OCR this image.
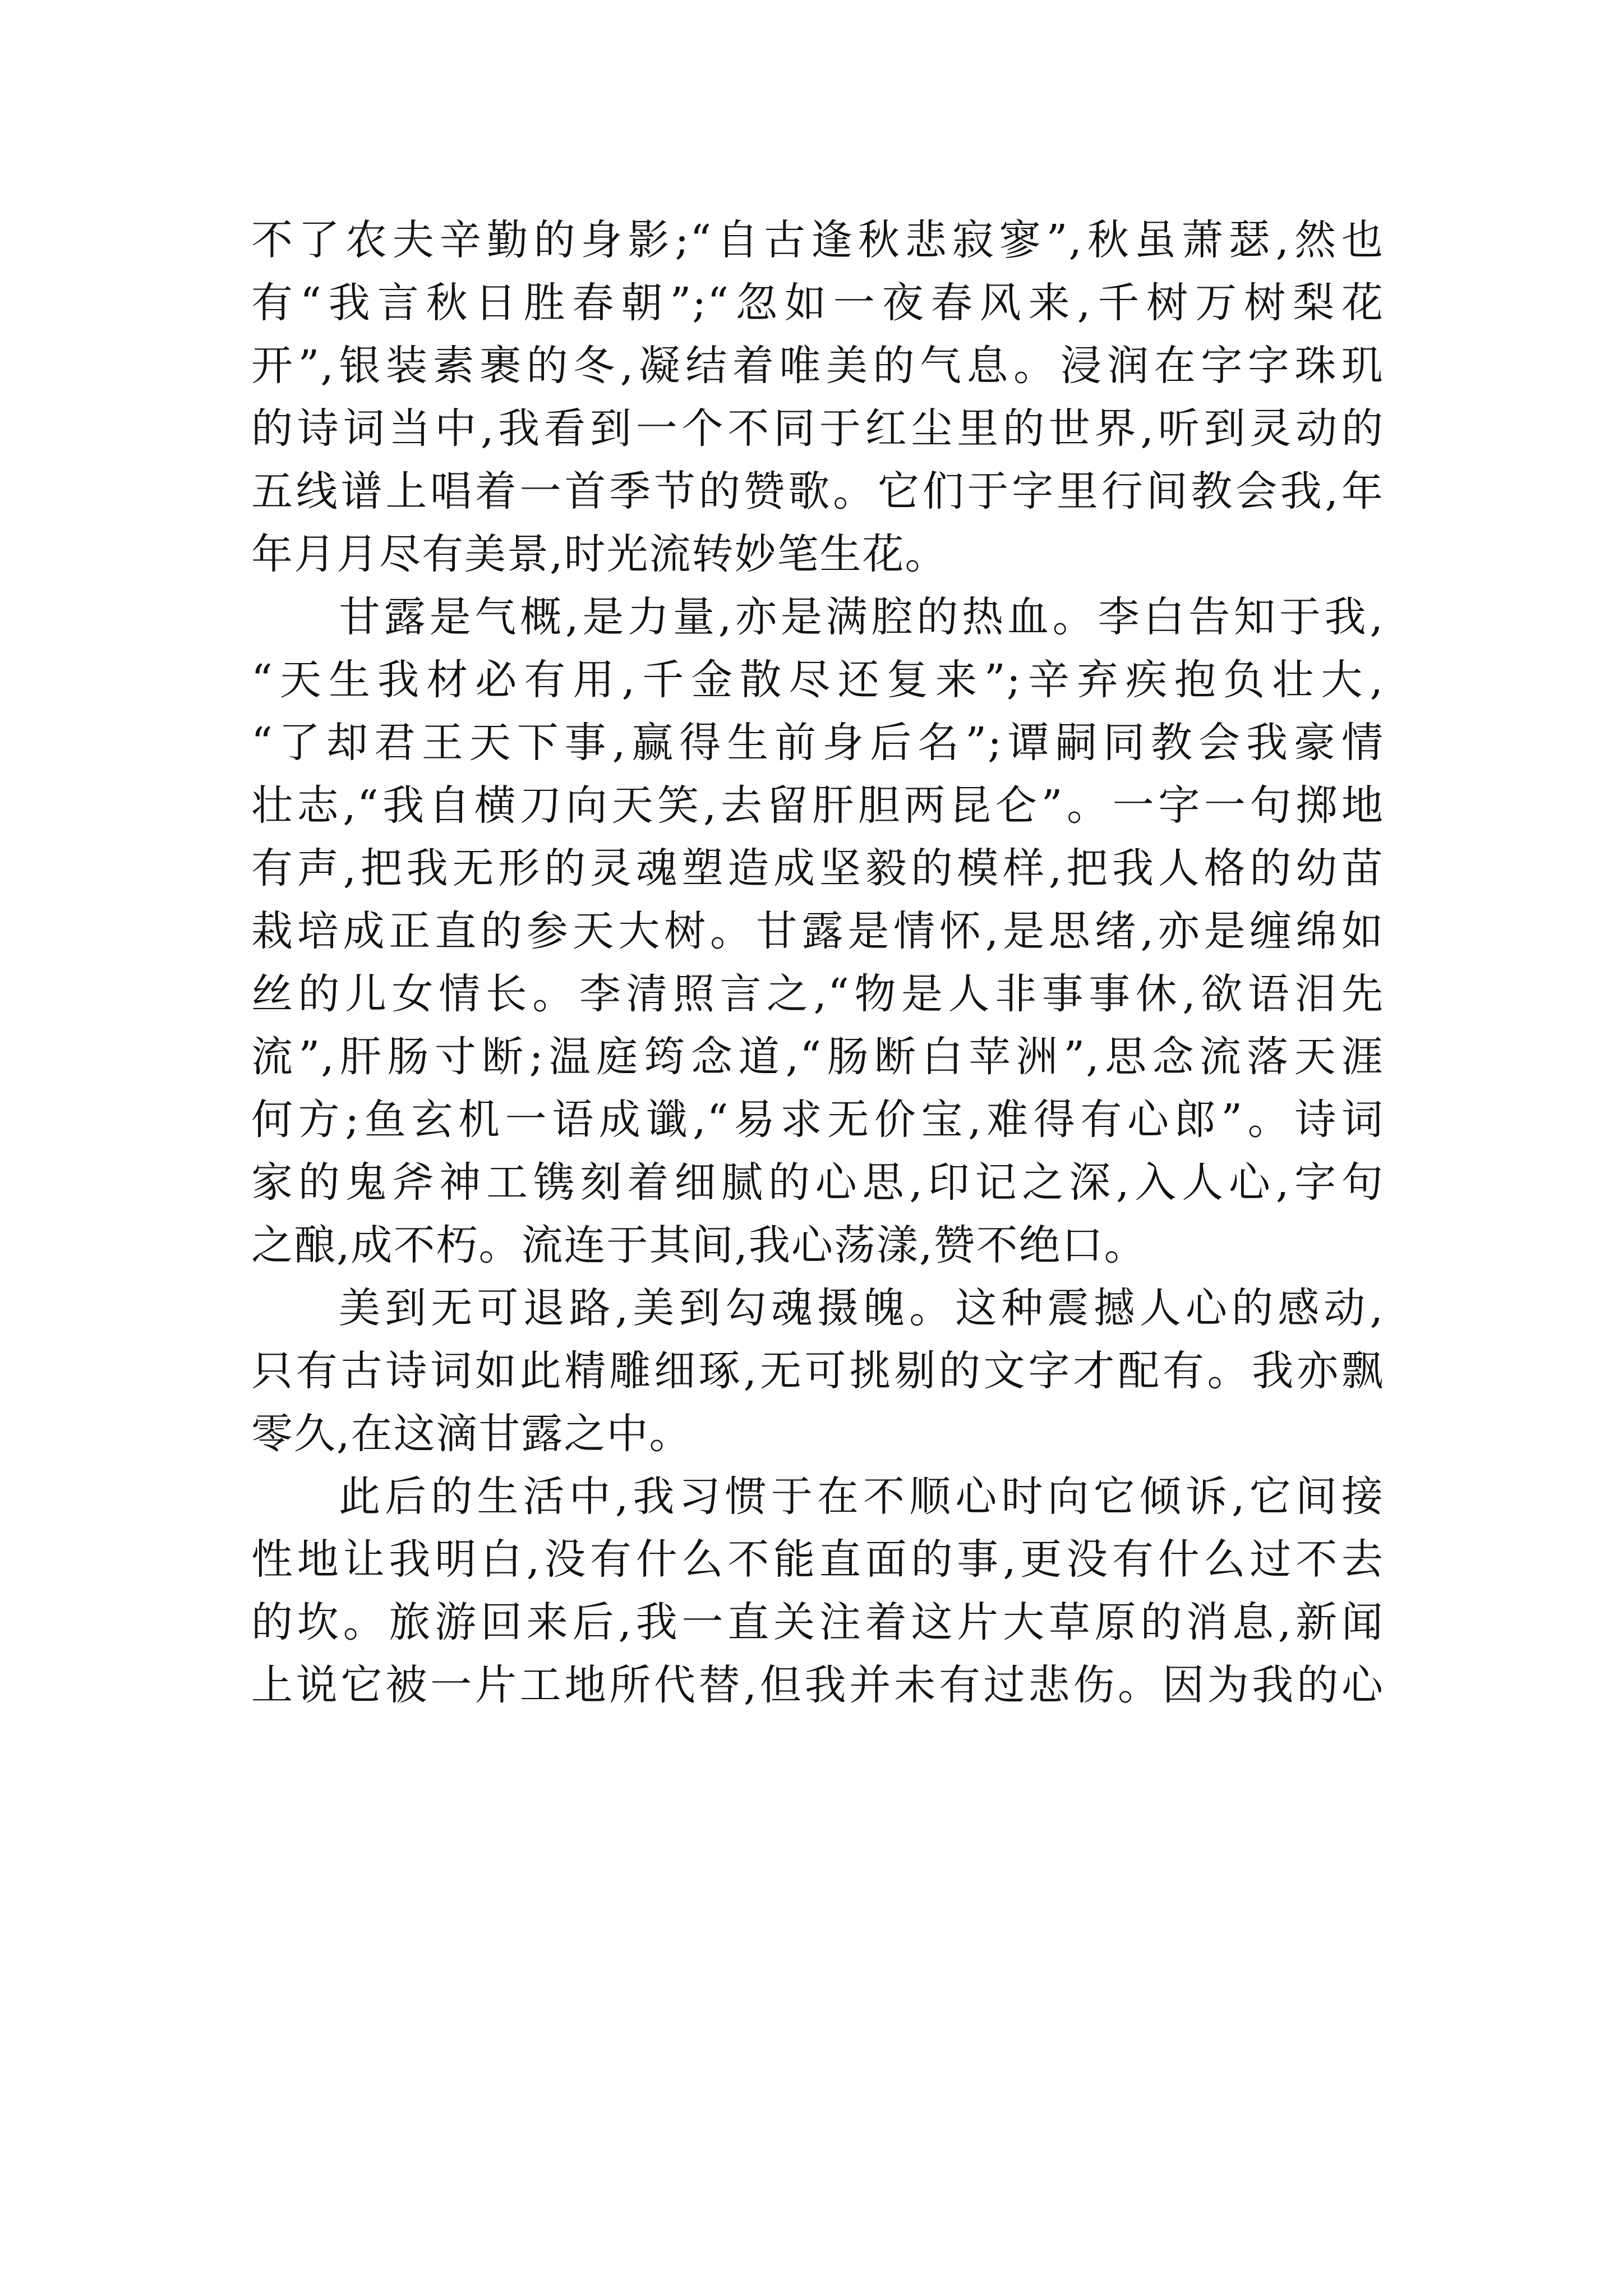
不了农夫辛勤的身影;“自古逢秋悲寂寥”,秋虽萧瑟,然也
有“我言秋日胜春朝”;“忽如一夜春风来,千树万树梨花
开”,银装素裹的冬,凝结着唯美的气息。浸润在字字珠玑
的诗词当中,我看到一个不同于红尘里的世界,听到灵动的
五线谱上唱着一首季节的赞歌。它们于字里行间教会我,年
年月月尽有美景,时光流转妙笔生花。
甘露是气概,是力量,亦是满腔的热血。李白告知于我,
“天生我材必有用,千金散尽还复来”;辛弃疾抱负壮大,
“了却君王天下事,赢得生前身后名”;谭嗣同教会我豪情
壮志,“我自横刀向天笑,去留肝胆两昆仑”。一字一句掷地
有声,把我无形的灵魂塑造成坚毅的模样,把我人格的幼苗
栽培成正直的参天大树。甘露是情怀,是思绪,亦是缠绵如
丝的儿女情长。李清照言之,“物是人非事事休,欲语泪先
流”,肝肠寸断;温庭筠念道,“肠断白苹洲”,思念流落天涯
何方;鱼玄机一语成谶,“易求无价宝,难得有心郎”。诗词
家的鬼斧神工镌刻着细腻的心思,印记之深,入人心,字句
之酿,成不朽。流连于其间,我心荡漾,赞不绝口。
美到无可退路,美到勾魂摄魄。这种震撼人心的感动,
只有古诗词如此精雕细琢,无可挑剔的文字才配有。我亦飘
零久,在这滴甘露之中。
此后的生活中,我习惯于在不顺心时向它倾诉,它间接
性地让我明白,没有什么不能直面的事,更没有什么过不去
的坎。旅游回来后,我一直关注着这片大草原的消息,新闻
上说它被一片工地所代替,但我并未有过悲伤。因为我的心
